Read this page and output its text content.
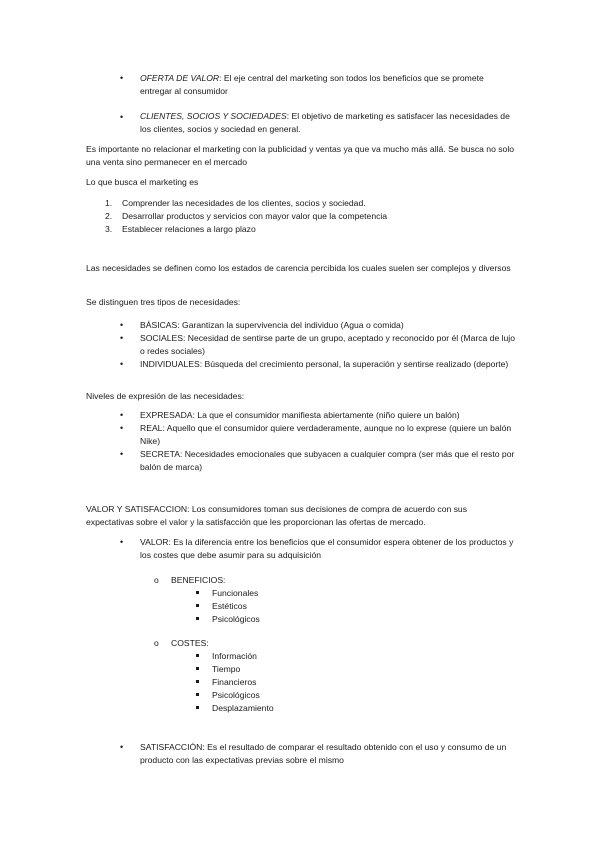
OFERTA DE VALOR: El eje central del marketing son todos los beneficios que se promete entregar al consumidor

CLIENTES, SOCIOS Y SOCIEDADES: El objetivo de marketing es satisfacer las necesidades de los clientes, socios y sociedad en general.

Es importante no relacionar el marketing con la publicidad y ventas ya que va mucho más allá. Se busca no solo una venta sino permanecer en el mercado

Lo que busca el marketing es

1. Comprender las necesidades de los clientes, socios y sociedad.

2. Desarrollar productos y servicios con mayor valor que la competencia

3. Establecer relaciones a largo plazo

Las necesidades se definen como los estados de carencia percibida los cuales suelen ser complejos y diversos

Se distinguen tres tipos de necesidades:

BÁSICAS: Garantizan la supervivencia del individuo (Agua o comida)

SOCIALES: Necesidad de sentirse parte de un grupo, aceptado y reconocido por él (Marca de lujo o redes sociales)

INDIVIDUALES: Búsqueda del crecimiento personal, la superación y sentirse realizado (deporte)

Niveles de expresión de las necesidades:

EXPRESADA: La que el consumidor manifiesta abiertamente (niño quiere un balón)

REAL: Aquello que el consumidor quiere verdaderamente, aunque no lo exprese (quiere un balón Nike)

SECRETA: Necesidades emocionales que subyacen a cualquier compra (ser más que el resto por balón de marca)

VALOR Y SATISFACCION: Los consumidores toman sus decisiones de compra de acuerdo con sus expectativas sobre el valor y la satisfacción que les proporcionan las ofertas de mercado.

VALOR: Es la diferencia entre los beneficios que el consumidor espera obtener de los productos y los costes que debe asumir para su adquisición

BENEFICIOS:

Funcionales

Estéticos

Psicológicos

COSTES:

Información

Tiempo

Financieros

Psicológicos

Desplazamiento

SATISFACCIÓN: Es el resultado de comparar el resultado obtenido con el uso y consumo de un producto con las expectativas previas sobre el mismo
